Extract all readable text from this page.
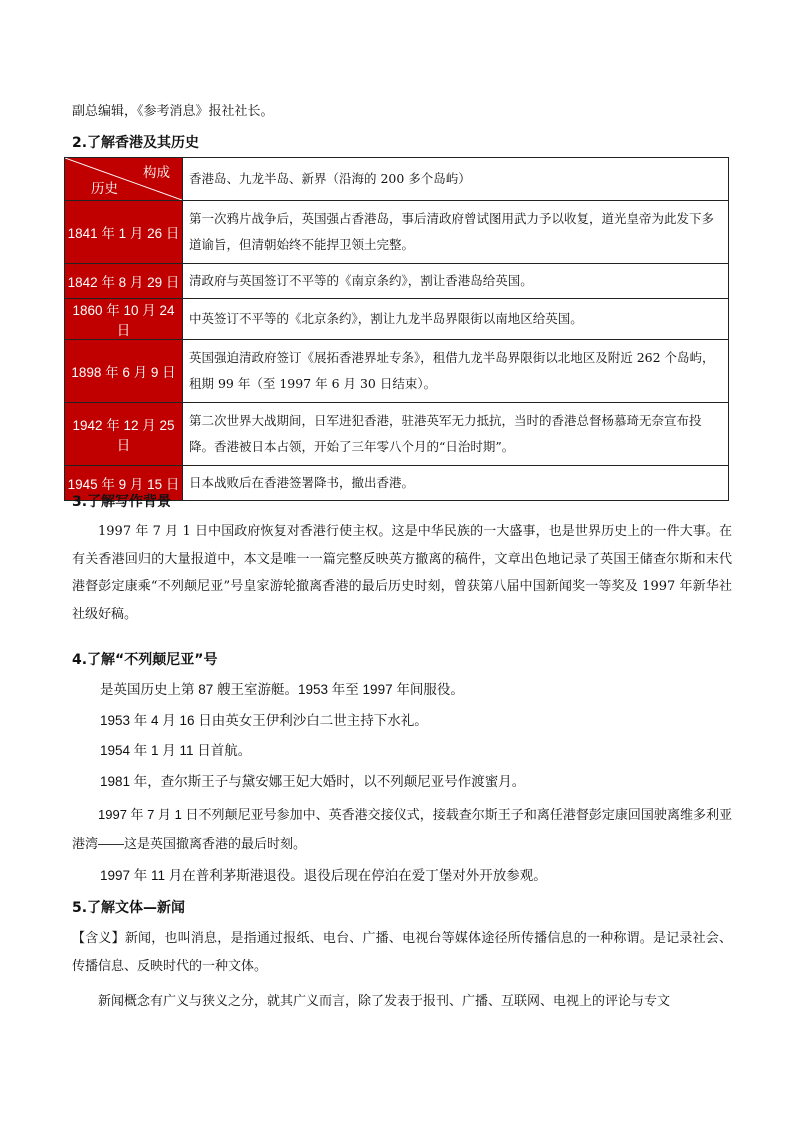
副总编辑，《参考消息》报社社长。
2.了解香港及其历史
构成
历史	香港岛、九龙半岛、新界（沿海的 200 多个岛屿）
1841 年 1 月 26 日	第一次鸦片战争后，英国强占香港岛，事后清政府曾试图用武力予以收复，道光皇帝为此发下多道谕旨，但清朝始终不能捍卫领土完整。
1842 年 8 月 29 日	清政府与英国签订不平等的《南京条约》，割让香港岛给英国。
1860 年 10 月 24 日	中英签订不平等的《北京条约》，割让九龙半岛界限街以南地区给英国。
1898 年 6 月 9 日	英国强迫清政府签订《展拓香港界址专条》，租借九龙半岛界限街以北地区及附近 262 个岛屿，租期 99 年（至 1997 年 6 月 30 日结束）。
1942 年 12 月 25 日	第二次世界大战期间，日军进犯香港，驻港英军无力抵抗，当时的香港总督杨慕琦无奈宣布投降。香港被日本占领，开始了三年零八个月的“日治时期”。
1945 年 9 月 15 日	日本战败后在香港签署降书，撤出香港。
3.了解写作背景
1997 年 7 月 1 日中国政府恢复对香港行使主权。这是中华民族的一大盛事，也是世界历史上的一件大事。在有关香港回归的大量报道中，本文是唯一一篇完整反映英方撤离的稿件，文章出色地记录了英国王储查尔斯和末代港督彭定康乘“不列颠尼亚”号皇家游轮撤离香港的最后历史时刻，曾获第八届中国新闻奖一等奖及 1997 年新华社社级好稿。
4.了解“不列颠尼亚”号
是英国历史上第 87 艘王室游艇。1953 年至 1997 年间服役。
1953 年 4 月 16 日由英女王伊利沙白二世主持下水礼。
1954 年 1 月 11 日首航。
1981 年，查尔斯王子与黛安娜王妃大婚时，以不列颠尼亚号作渡蜜月。
1997 年 7 月 1 日不列颠尼亚号参加中、英香港交接仪式，接载查尔斯王子和离任港督彭定康回国驶离维多利亚港湾——这是英国撤离香港的最后时刻。
1997 年 11 月在普利茅斯港退役。退役后现在停泊在爱丁堡对外开放参观。
5.了解文体—新闻
【含义】新闻，也叫消息，是指通过报纸、电台、广播、电视台等媒体途径所传播信息的一种称谓。是记录社会、传播信息、反映时代的一种文体。
新闻概念有广义与狭义之分，就其广义而言，除了发表于报刊、广播、互联网、电视上的评论与专文
